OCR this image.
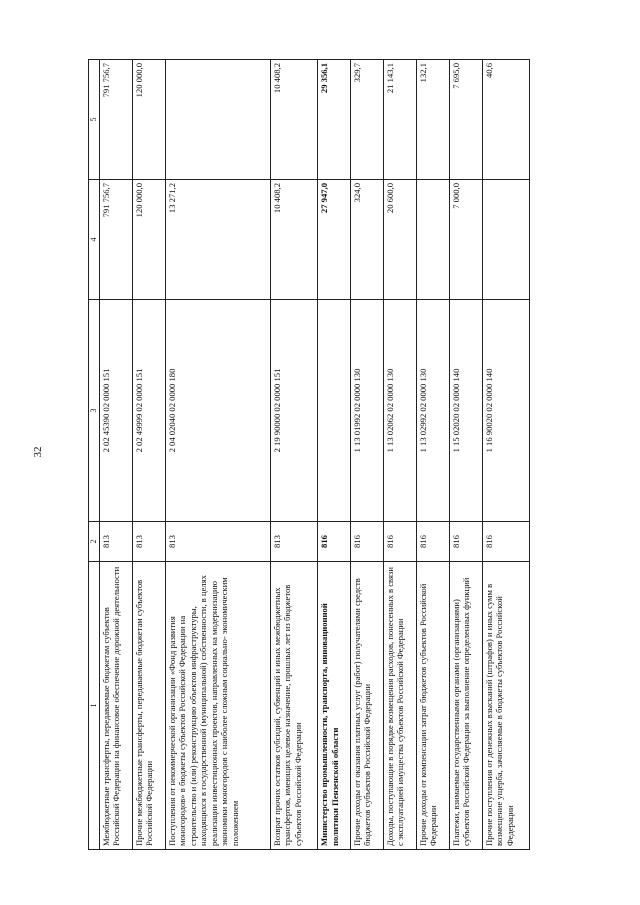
32
1	2	3	4	5
Межбюджетные трансферты, передаваемые бюджетам субъектов Российской Федерации на финансовое обеспечение дорожной деятельности	813	2 02 45390 02 0000 151	791 756,7	791 756,7
Прочие межбюджетные трансферты, передаваемые бюджетам субъектов Российской Федерации	813	2 02 49999 02 0000 151	120 000,0	120 000,0
Поступления от некоммерческой организации «Фонд развития моногородов» в бюджеты субъектов Российской Федерации на строительство и (или) реконструкцию объектов инфраструктуры, находящихся в государственной (муниципальной) собственности, в целях реализации инвестиционных проектов, направленных на модернизацию экономики моногородов с наиболее сложным социально- экономическим положением	813	2 04 02040 02 0000 180	13 271,2	
Возврат прочих остатков субсидий, субвенций и иных межбюджетных трансфертов, имеющих целевое назначение, прошлых лет из бюджетов субъектов Российской Федерации	813	2 19 90000 02 0000 151	10 408,2	10 408,2
Министерство промышленности, транспорта, инновационной политики Пензенской области	816		27 947,0	29 356,1
Прочие доходы от оказания платных услуг (работ) получателями средств бюджетов субъектов Российской Федерации	816	1 13 01992 02 0000 130	324,0	329,7
Доходы, поступающие в порядке возмещения расходов, понесенных в связи с эксплуатацией имущества субъектов Российской Федерации	816	1 13 02062 02 0000 130	20 600,0	21 143,1
Прочие доходы от компенсации затрат бюджетов субъектов Российской Федерации	816	1 13 02992 02 0000 130		132,1
Платежи, взимаемые государственными органами (организациями) субъектов Российской Федерации за выполнение определенных функций	816	1 15 02020 02 0000 140	7 000,0	7 695,0
Прочие поступления от денежных взысканий (штрафов) и иных сумм в возмещение ущерба, зачисляемые в бюджеты субъектов Российской Федерации	816	1 16 90020 02 0000 140		40,6
